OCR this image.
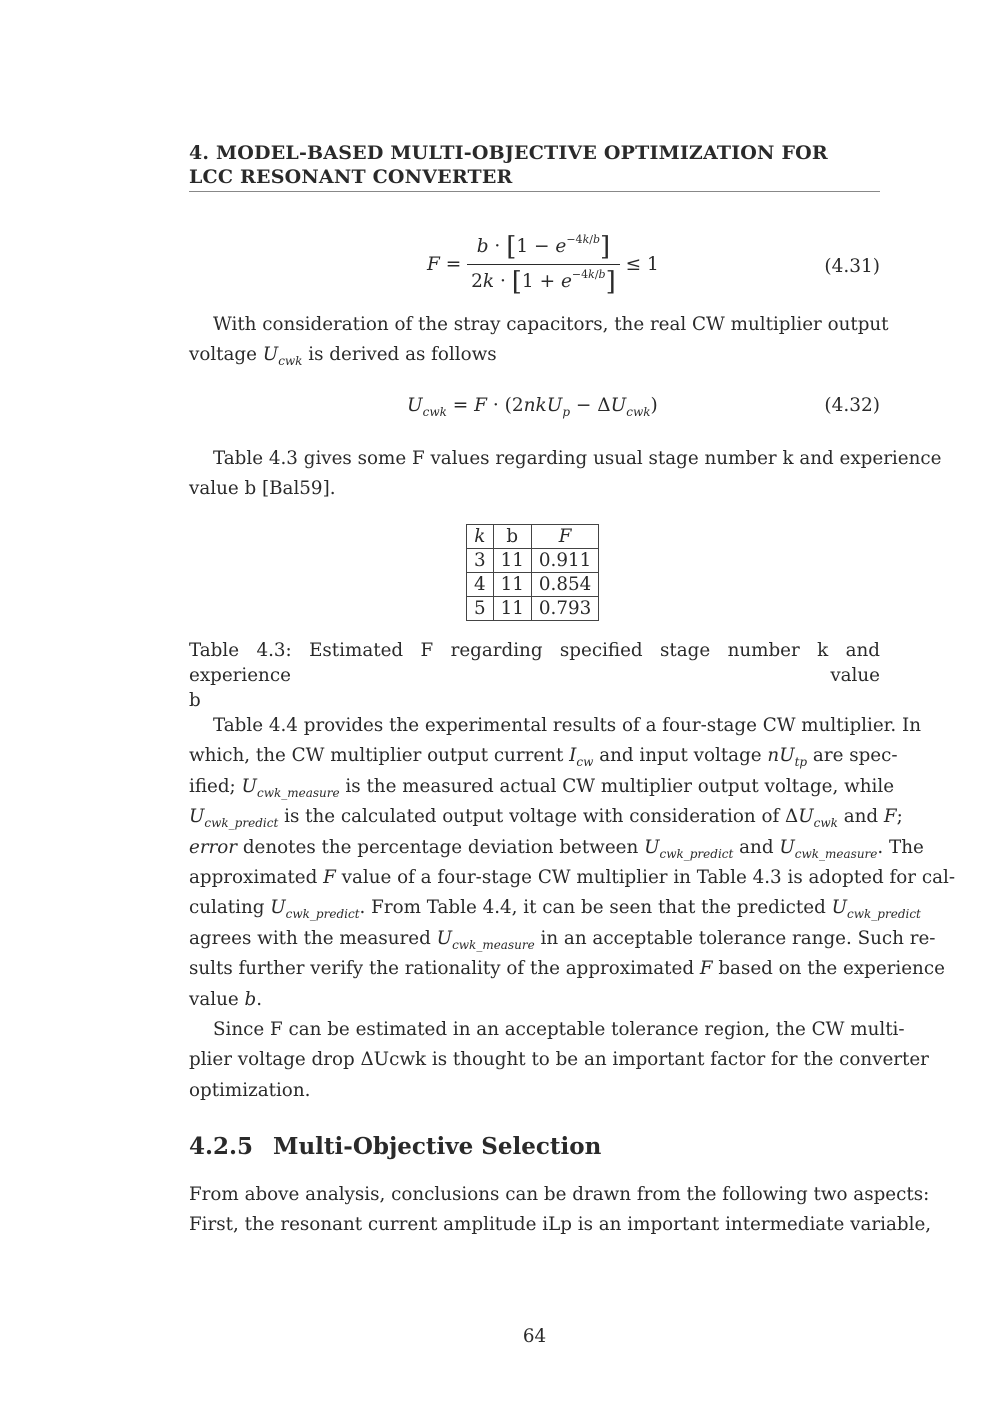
4. MODEL-BASED MULTI-OBJECTIVE OPTIMIZATION FOR
LCC RESONANT CONVERTER
$F = \frac{b \cdot [1 - e^{-4k/b}]}{2k \cdot [1 + e^{-4k/b}]} \le 1$	(4.31)
With consideration of the stray capacitors, the real CW multiplier output
voltage $U_{cwk}$ is derived as follows
$U_{cwk} = F \cdot (2nkU_p - \Delta U_{cwk})$	(4.32)
Table 4.3 gives some F values regarding usual stage number k and experience
value b [Bal59].
k	b	F
3	11	0.911
4	11	0.854
5	11	0.793
Table 4.3: Estimated F regarding specified stage number k and experience value
b
Table 4.4 provides the experimental results of a four-stage CW multiplier. In
which, the CW multiplier output current $I_{cw}$ and input voltage $nU_{tp}$ are spec-
ified; $U_{cwk\_measure}$ is the measured actual CW multiplier output voltage, while
$U_{cwk\_predict}$ is the calculated output voltage with consideration of $\Delta U_{cwk}$ and F;
error denotes the percentage deviation between $U_{cwk\_predict}$ and $U_{cwk\_measure}$. The
approximated F value of a four-stage CW multiplier in Table 4.3 is adopted for cal-
culating $U_{cwk\_predict}$. From Table 4.4, it can be seen that the predicted $U_{cwk\_predict}$
agrees with the measured $U_{cwk\_measure}$ in an acceptable tolerance range. Such re-
sults further verify the rationality of the approximated F based on the experience
value b.
Since F can be estimated in an acceptable tolerance region, the CW multi-
plier voltage drop ΔUcwk is thought to be an important factor for the converter
optimization.
4.2.5 Multi-Objective Selection
From above analysis, conclusions can be drawn from the following two aspects:
First, the resonant current amplitude iLp is an important intermediate variable,
64
